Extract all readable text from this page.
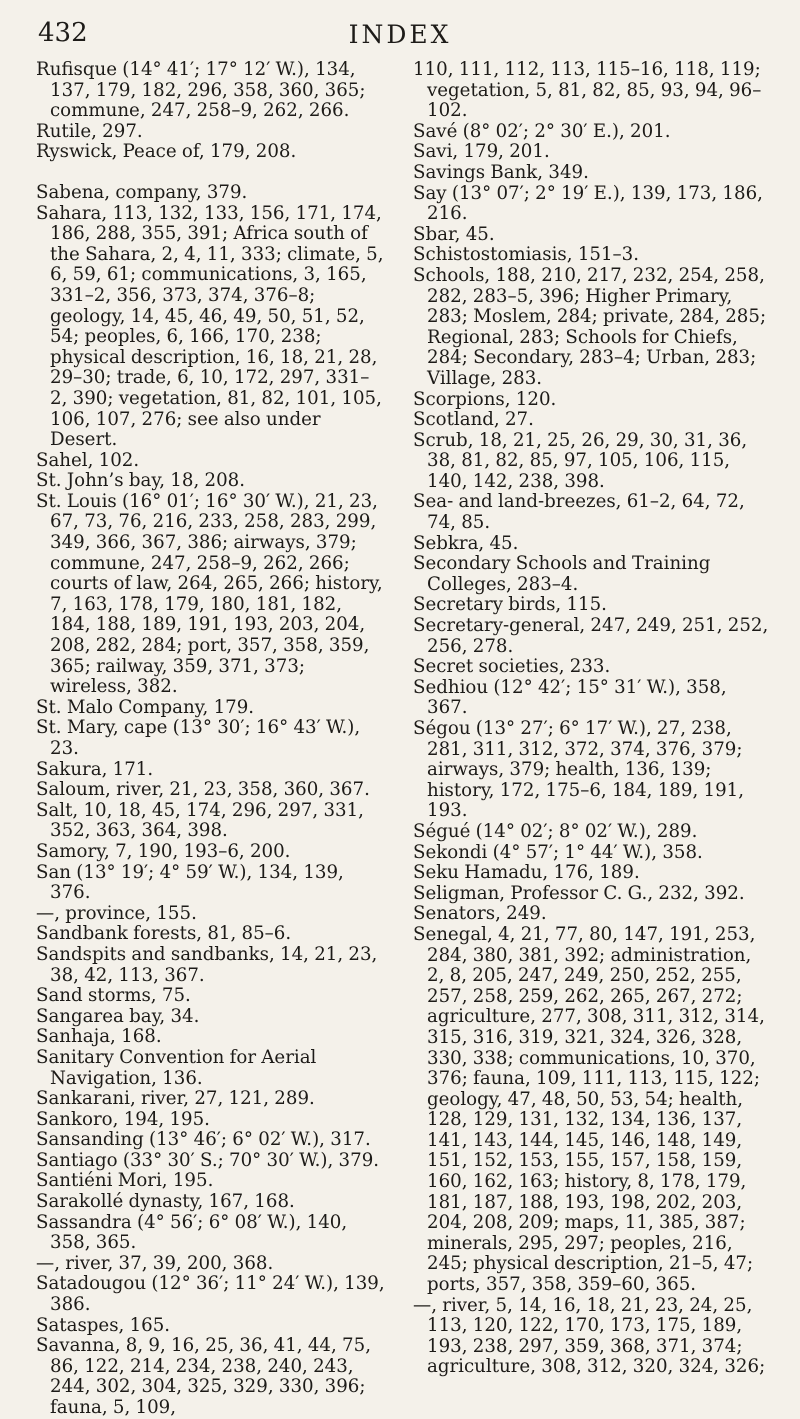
432	INDEX

Rufisque (14° 41′; 17° 12′ W.), 134, 137, 179, 182, 296, 358, 360, 365; commune, 247, 258–9, 262, 266.

Rutile, 297.

Ryswick, Peace of, 179, 208.

Sabena, company, 379.

Sahara, 113, 132, 133, 156, 171, 174, 186, 288, 355, 391; Africa south of the Sahara, 2, 4, 11, 333; climate, 5, 6, 59, 61; communications, 3, 165, 331–2, 356, 373, 374, 376–8; geology, 14, 45, 46, 49, 50, 51, 52, 54; peoples, 6, 166, 170, 238; physical description, 16, 18, 21, 28, 29–30; trade, 6, 10, 172, 297, 331–2, 390; vegetation, 81, 82, 101, 105, 106, 107, 276; see also under Desert.

Sahel, 102.

St. John’s bay, 18, 208.

St. Louis (16° 01′; 16° 30′ W.), 21, 23, 67, 73, 76, 216, 233, 258, 283, 299, 349, 366, 367, 386; airways, 379; commune, 247, 258–9, 262, 266; courts of law, 264, 265, 266; history, 7, 163, 178, 179, 180, 181, 182, 184, 188, 189, 191, 193, 203, 204, 208, 282, 284; port, 357, 358, 359, 365; railway, 359, 371, 373; wireless, 382.

St. Malo Company, 179.

St. Mary, cape (13° 30′; 16° 43′ W.), 23.

Sakura, 171.

Saloum, river, 21, 23, 358, 360, 367.

Salt, 10, 18, 45, 174, 296, 297, 331, 352, 363, 364, 398.

Samory, 7, 190, 193–6, 200.

San (13° 19′; 4° 59′ W.), 134, 139, 376.

—, province, 155.

Sandbank forests, 81, 85–6.

Sandspits and sandbanks, 14, 21, 23, 38, 42, 113, 367.

Sand storms, 75.

Sangarea bay, 34.

Sanhaja, 168.

Sanitary Convention for Aerial Navigation, 136.

Sankarani, river, 27, 121, 289.

Sankoro, 194, 195.

Sansanding (13° 46′; 6° 02′ W.), 317.

Santiago (33° 30′ S.; 70° 30′ W.), 379.

Santiéni Mori, 195.

Sarakollé dynasty, 167, 168.

Sassandra (4° 56′; 6° 08′ W.), 140, 358, 365.

—, river, 37, 39, 200, 368.

Satadougou (12° 36′; 11° 24′ W.), 139, 386.

Sataspes, 165.

Savanna, 8, 9, 16, 25, 36, 41, 44, 75, 86, 122, 214, 234, 238, 240, 243, 244, 302, 304, 325, 329, 330, 396; fauna, 5, 109,

110, 111, 112, 113, 115–16, 118, 119; vegetation, 5, 81, 82, 85, 93, 94, 96–102.

Savé (8° 02′; 2° 30′ E.), 201.

Savi, 179, 201.

Savings Bank, 349.

Say (13° 07′; 2° 19′ E.), 139, 173, 186, 216.

Sbar, 45.

Schistostomiasis, 151–3.

Schools, 188, 210, 217, 232, 254, 258, 282, 283–5, 396; Higher Primary, 283; Moslem, 284; private, 284, 285; Regional, 283; Schools for Chiefs, 284; Secondary, 283–4; Urban, 283; Village, 283.

Scorpions, 120.

Scotland, 27.

Scrub, 18, 21, 25, 26, 29, 30, 31, 36, 38, 81, 82, 85, 97, 105, 106, 115, 140, 142, 238, 398.

Sea- and land-breezes, 61–2, 64, 72, 74, 85.

Sebkra, 45.

Secondary Schools and Training Colleges, 283–4.

Secretary birds, 115.

Secretary-general, 247, 249, 251, 252, 256, 278.

Secret societies, 233.

Sedhiou (12° 42′; 15° 31′ W.), 358, 367.

Ségou (13° 27′; 6° 17′ W.), 27, 238, 281, 311, 312, 372, 374, 376, 379; airways, 379; health, 136, 139; history, 172, 175–6, 184, 189, 191, 193.

Ségué (14° 02′; 8° 02′ W.), 289.

Sekondi (4° 57′; 1° 44′ W.), 358.

Seku Hamadu, 176, 189.

Seligman, Professor C. G., 232, 392.

Senators, 249.

Senegal, 4, 21, 77, 80, 147, 191, 253, 284, 380, 381, 392; administration, 2, 8, 205, 247, 249, 250, 252, 255, 257, 258, 259, 262, 265, 267, 272; agriculture, 277, 308, 311, 312, 314, 315, 316, 319, 321, 324, 326, 328, 330, 338; communications, 10, 370, 376; fauna, 109, 111, 113, 115, 122; geology, 47, 48, 50, 53, 54; health, 128, 129, 131, 132, 134, 136, 137, 141, 143, 144, 145, 146, 148, 149, 151, 152, 153, 155, 157, 158, 159, 160, 162, 163; history, 8, 178, 179, 181, 187, 188, 193, 198, 202, 203, 204, 208, 209; maps, 11, 385, 387; minerals, 295, 297; peoples, 216, 245; physical description, 21–5, 47; ports, 357, 358, 359–60, 365.

—, river, 5, 14, 16, 18, 21, 23, 24, 25, 113, 120, 122, 170, 173, 175, 189, 193, 238, 297, 359, 368, 371, 374; agriculture, 308, 312, 320, 324, 326;
